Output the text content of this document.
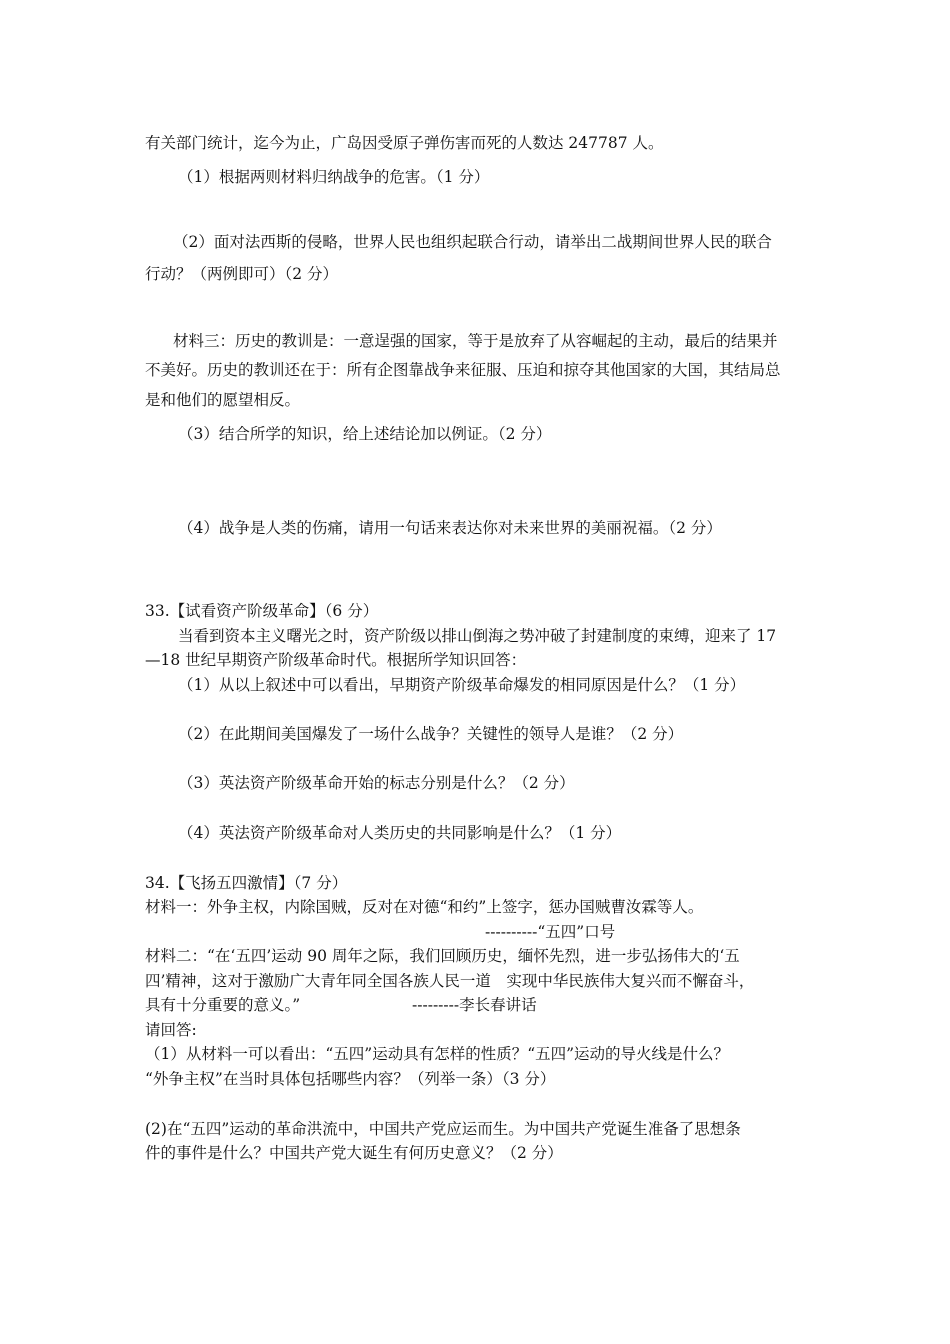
有关部门统计，迄今为止，广岛因受原子弹伤害而死的人数达 247787 人。
（1）根据两则材料归纳战争的危害。（1 分）
（2）面对法西斯的侵略，世界人民也组织起联合行动，请举出二战期间世界人民的联合
行动？（两例即可）（2 分）
材料三：历史的教训是：一意逞强的国家，等于是放弃了从容崛起的主动，最后的结果并
不美好。历史的教训还在于：所有企图靠战争来征服、压迫和掠夺其他国家的大国，其结局总
是和他们的愿望相反。
（3）结合所学的知识，给上述结论加以例证。（2 分）
（4）战争是人类的伤痛，请用一句话来表达你对未来世界的美丽祝福。（2 分）
33.【试看资产阶级革命】（6 分）
当看到资本主义曙光之时，资产阶级以排山倒海之势冲破了封建制度的束缚，迎来了 17
—18 世纪早期资产阶级革命时代。根据所学知识回答：
（1）从以上叙述中可以看出，早期资产阶级革命爆发的相同原因是什么？（1 分）
（2）在此期间美国爆发了一场什么战争？关键性的领导人是谁？（2 分）
（3）英法资产阶级革命开始的标志分别是什么？（2 分）
（4）英法资产阶级革命对人类历史的共同影响是什么？（1 分）
34.【飞扬五四激情】（7 分）
材料一：外争主权，内除国贼，反对在对德“和约”上签字，惩办国贼曹汝霖等人。
----------“五四”口号
材料二：“在‘五四’运动 90 周年之际，我们回顾历史，缅怀先烈，进一步弘扬伟大的‘五
四’精神，这对于激励广大青年同全国各族人民一道　实现中华民族伟大复兴而不懈奋斗，
具有十分重要的意义。”	---------李长春讲话
请回答:
（1）从材料一可以看出：“五四”运动具有怎样的性质？“五四”运动的导火线是什么？
“外争主权”在当时具体包括哪些内容？（列举一条）（3 分）
(2)在“五四”运动的革命洪流中，中国共产党应运而生。为中国共产党诞生准备了思想条
件的事件是什么？中国共产党大诞生有何历史意义？（2 分）
